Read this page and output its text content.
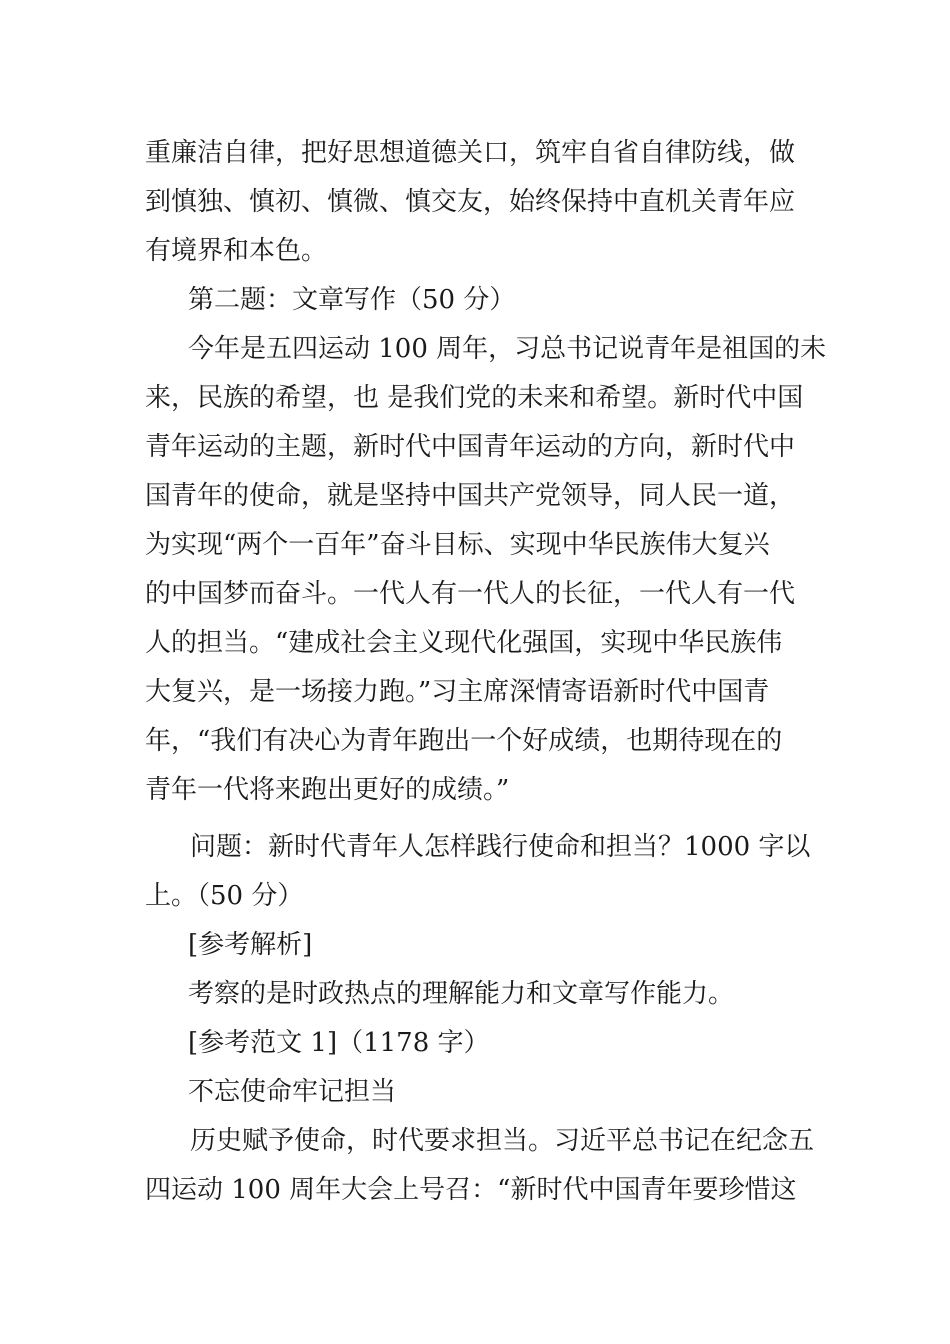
重廉洁自律，把好思想道德关口，筑牢自省自律防线，做
到慎独、慎初、慎微、慎交友，始终保持中直机关青年应
有境界和本色。
第二题：文章写作（50 分）
今年是五四运动 100 周年，习总书记说青年是祖国的未
来，民族的希望，也 是我们党的未来和希望。新时代中国
青年运动的主题，新时代中国青年运动的方向，新时代中
国青年的使命，就是坚持中国共产党领导，同人民一道，
为实现“两个一百年”奋斗目标、实现中华民族伟大复兴
的中国梦而奋斗。一代人有一代人的长征，一代人有一代
人的担当。“建成社会主义现代化强国，实现中华民族伟
大复兴，是一场接力跑。”习主席深情寄语新时代中国青
年，“我们有决心为青年跑出一个好成绩，也期待现在的
青年一代将来跑出更好的成绩。”
问题：新时代青年人怎样践行使命和担当？1000 字以
上。（50 分）
[参考解析]
考察的是时政热点的理解能力和文章写作能力。
[参考范文 1]（1178 字）
不忘使命牢记担当
历史赋予使命，时代要求担当。习近平总书记在纪念五
四运动 100 周年大会上号召：“新时代中国青年要珍惜这
